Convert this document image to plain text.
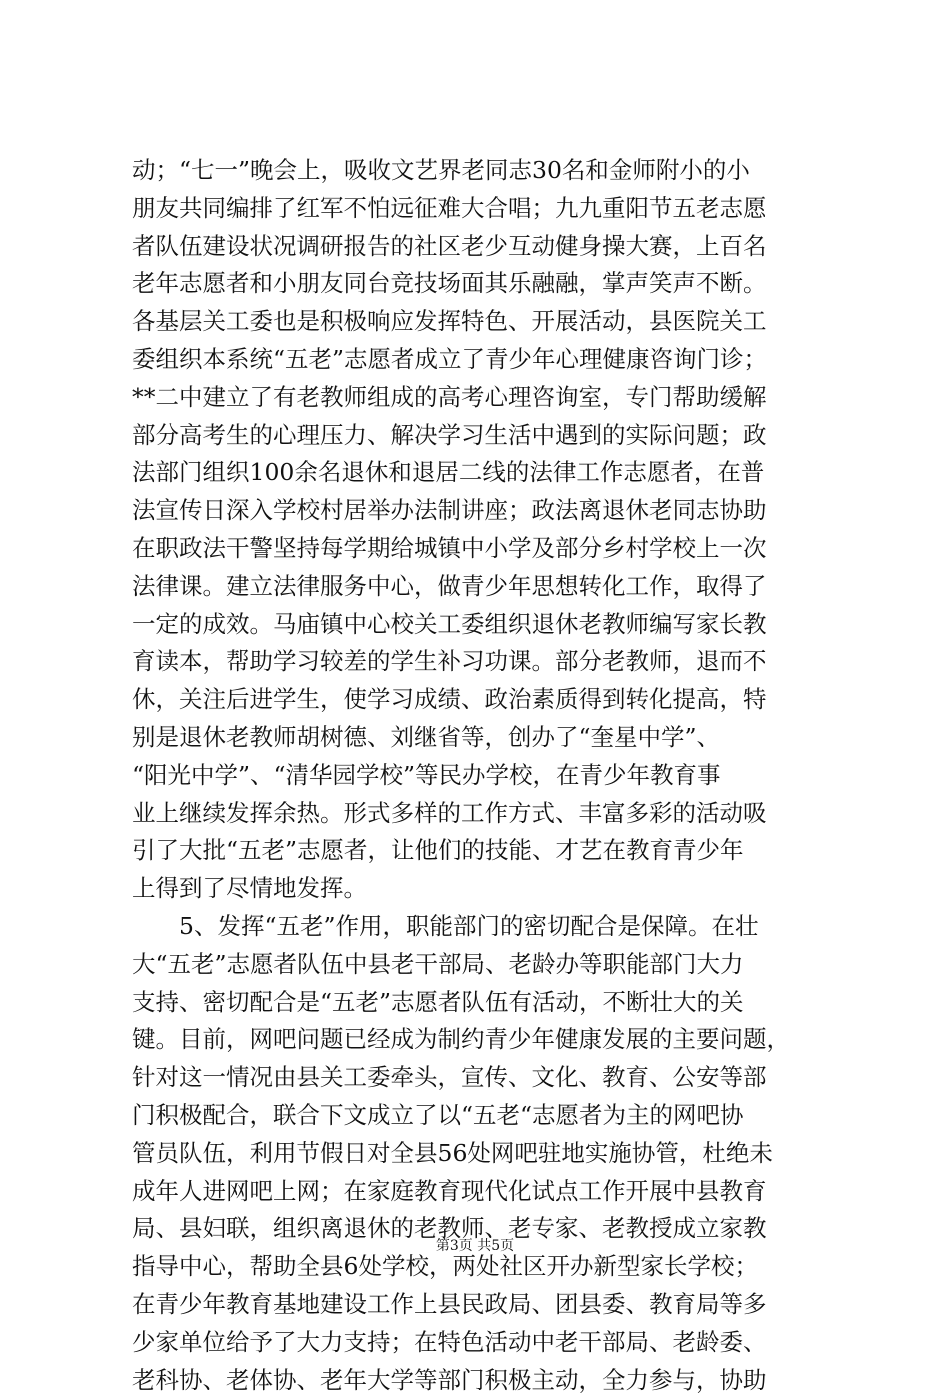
动；“七一”晚会上，吸收文艺界老同志30名和金师附小的小
朋友共同编排了红军不怕远征难大合唱；九九重阳节五老志愿
者队伍建设状况调研报告的社区老少互动健身操大赛，上百名
老年志愿者和小朋友同台竞技场面其乐融融，掌声笑声不断。
各基层关工委也是积极响应发挥特色、开展活动，县医院关工
委组织本系统“五老”志愿者成立了青少年心理健康咨询门诊；
**二中建立了有老教师组成的高考心理咨询室，专门帮助缓解
部分高考生的心理压力、解决学习生活中遇到的实际问题；政
法部门组织100余名退休和退居二线的法律工作志愿者，在普
法宣传日深入学校村居举办法制讲座；政法离退休老同志协助
在职政法干警坚持每学期给城镇中小学及部分乡村学校上一次
法律课。建立法律服务中心，做青少年思想转化工作，取得了
一定的成效。马庙镇中心校关工委组织退休老教师编写家长教
育读本，帮助学习较差的学生补习功课。部分老教师，退而不
休，关注后进学生，使学习成绩、政治素质得到转化提高，特
别是退休老教师胡树德、刘继省等，创办了“奎星中学”、
“阳光中学”、“清华园学校”等民办学校，在青少年教育事
业上继续发挥余热。形式多样的工作方式、丰富多彩的活动吸
引了大批“五老”志愿者，让他们的技能、才艺在教育青少年
上得到了尽情地发挥。
　　5、发挥“五老”作用，职能部门的密切配合是保障。在壮
大“五老”志愿者队伍中县老干部局、老龄办等职能部门大力
支持、密切配合是“五老”志愿者队伍有活动，不断壮大的关
键。目前，网吧问题已经成为制约青少年健康发展的主要问题，
针对这一情况由县关工委牵头，宣传、文化、教育、公安等部
门积极配合，联合下文成立了以“五老“志愿者为主的网吧协
管员队伍，利用节假日对全县56处网吧驻地实施协管，杜绝未
成年人进网吧上网；在家庭教育现代化试点工作开展中县教育
局、县妇联，组织离退休的老教师、老专家、老教授成立家教
指导中心，帮助全县6处学校，两处社区开办新型家长学校；
在青少年教育基地建设工作上县民政局、团县委、教育局等多
少家单位给予了大力支持；在特色活动中老干部局、老龄委、
老科协、老体协、老年大学等部门积极主动，全力参与，协助
第3页 共5页
